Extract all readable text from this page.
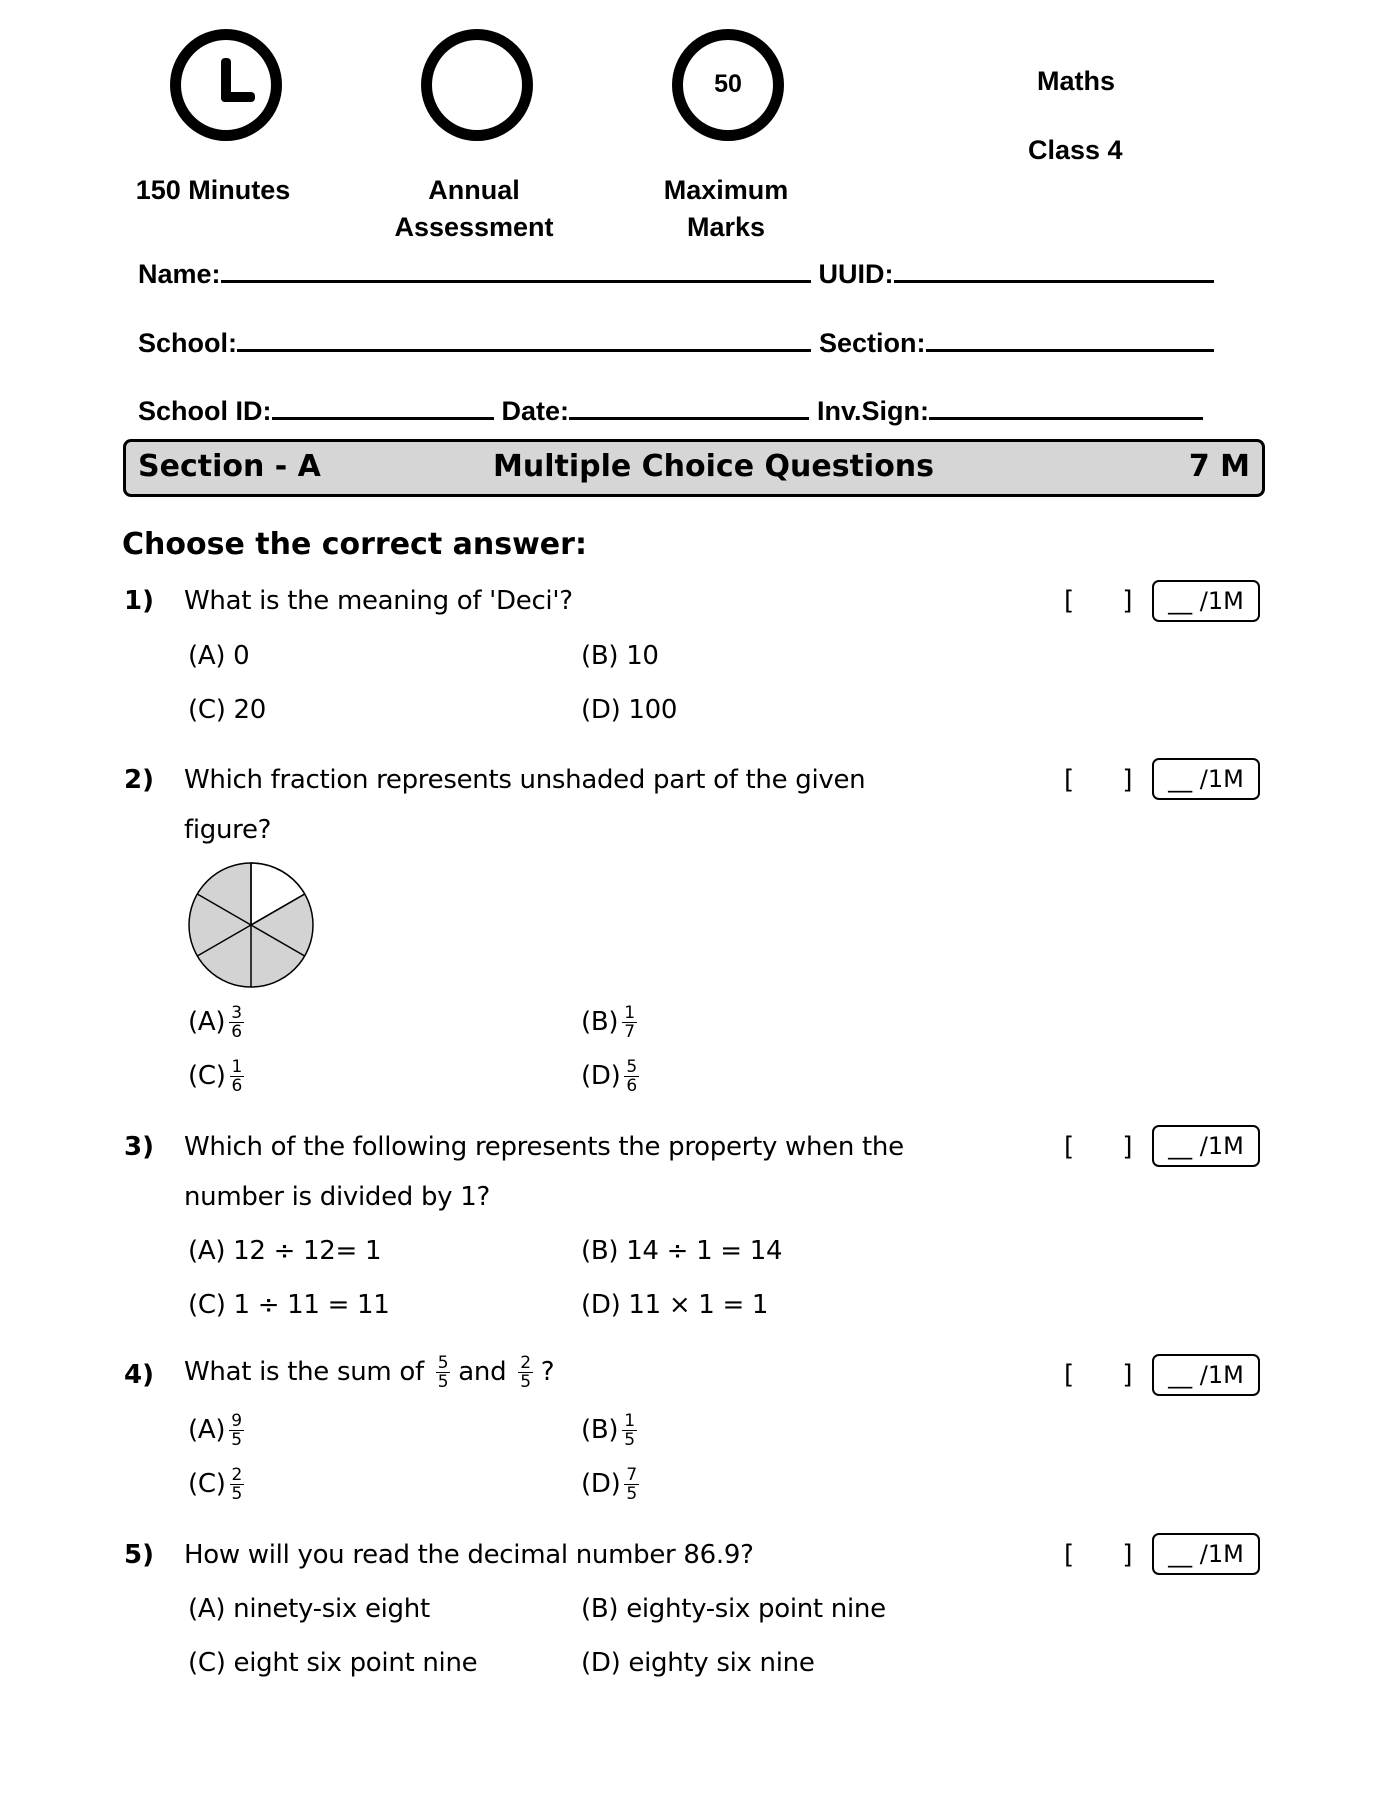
150 Minutes	Annual
Assessment
50
Maximum
Marks
Maths
Class 4
Name:	UUID:
School:	Section:
School ID:	Date:	Inv.Sign:
Section - A	Multiple Choice Questions	7 M
Choose the correct answer:
1) What is the meaning of 'Deci'?	[ ] __ /1M
(A) 0	(B) 10
(C) 20	(D) 100
2) Which fraction represents unshaded part of the given
figure?
[ ] __ /1M
$(A) \frac{3}{6}$	$(B) \frac{1}{7}$
$(C) \frac{1}{6}$	$(D) \frac{5}{6}$
3) Which of the following represents the property when the
number is divided by 1?
[ ] __ /1M
(A) 12 ÷ 12= 1	(B) 14 ÷ 1 = 14
(C) 1 ÷ 11 = 11	(D) 11 × 1 = 1
4) What is the sum of $\frac{5}{5}$ and $\frac{2}{5}$ ?	[ ] __ /1M
$(A) \frac{9}{5}$	$(B) \frac{1}{5}$
$(C) \frac{2}{5}$	$(D) \frac{7}{5}$
5) How will you read the decimal number 86.9?	[ ] __ /1M
(A) ninety-six eight	(B) eighty-six point nine
(C) eight six point nine	(D) eighty six nine
